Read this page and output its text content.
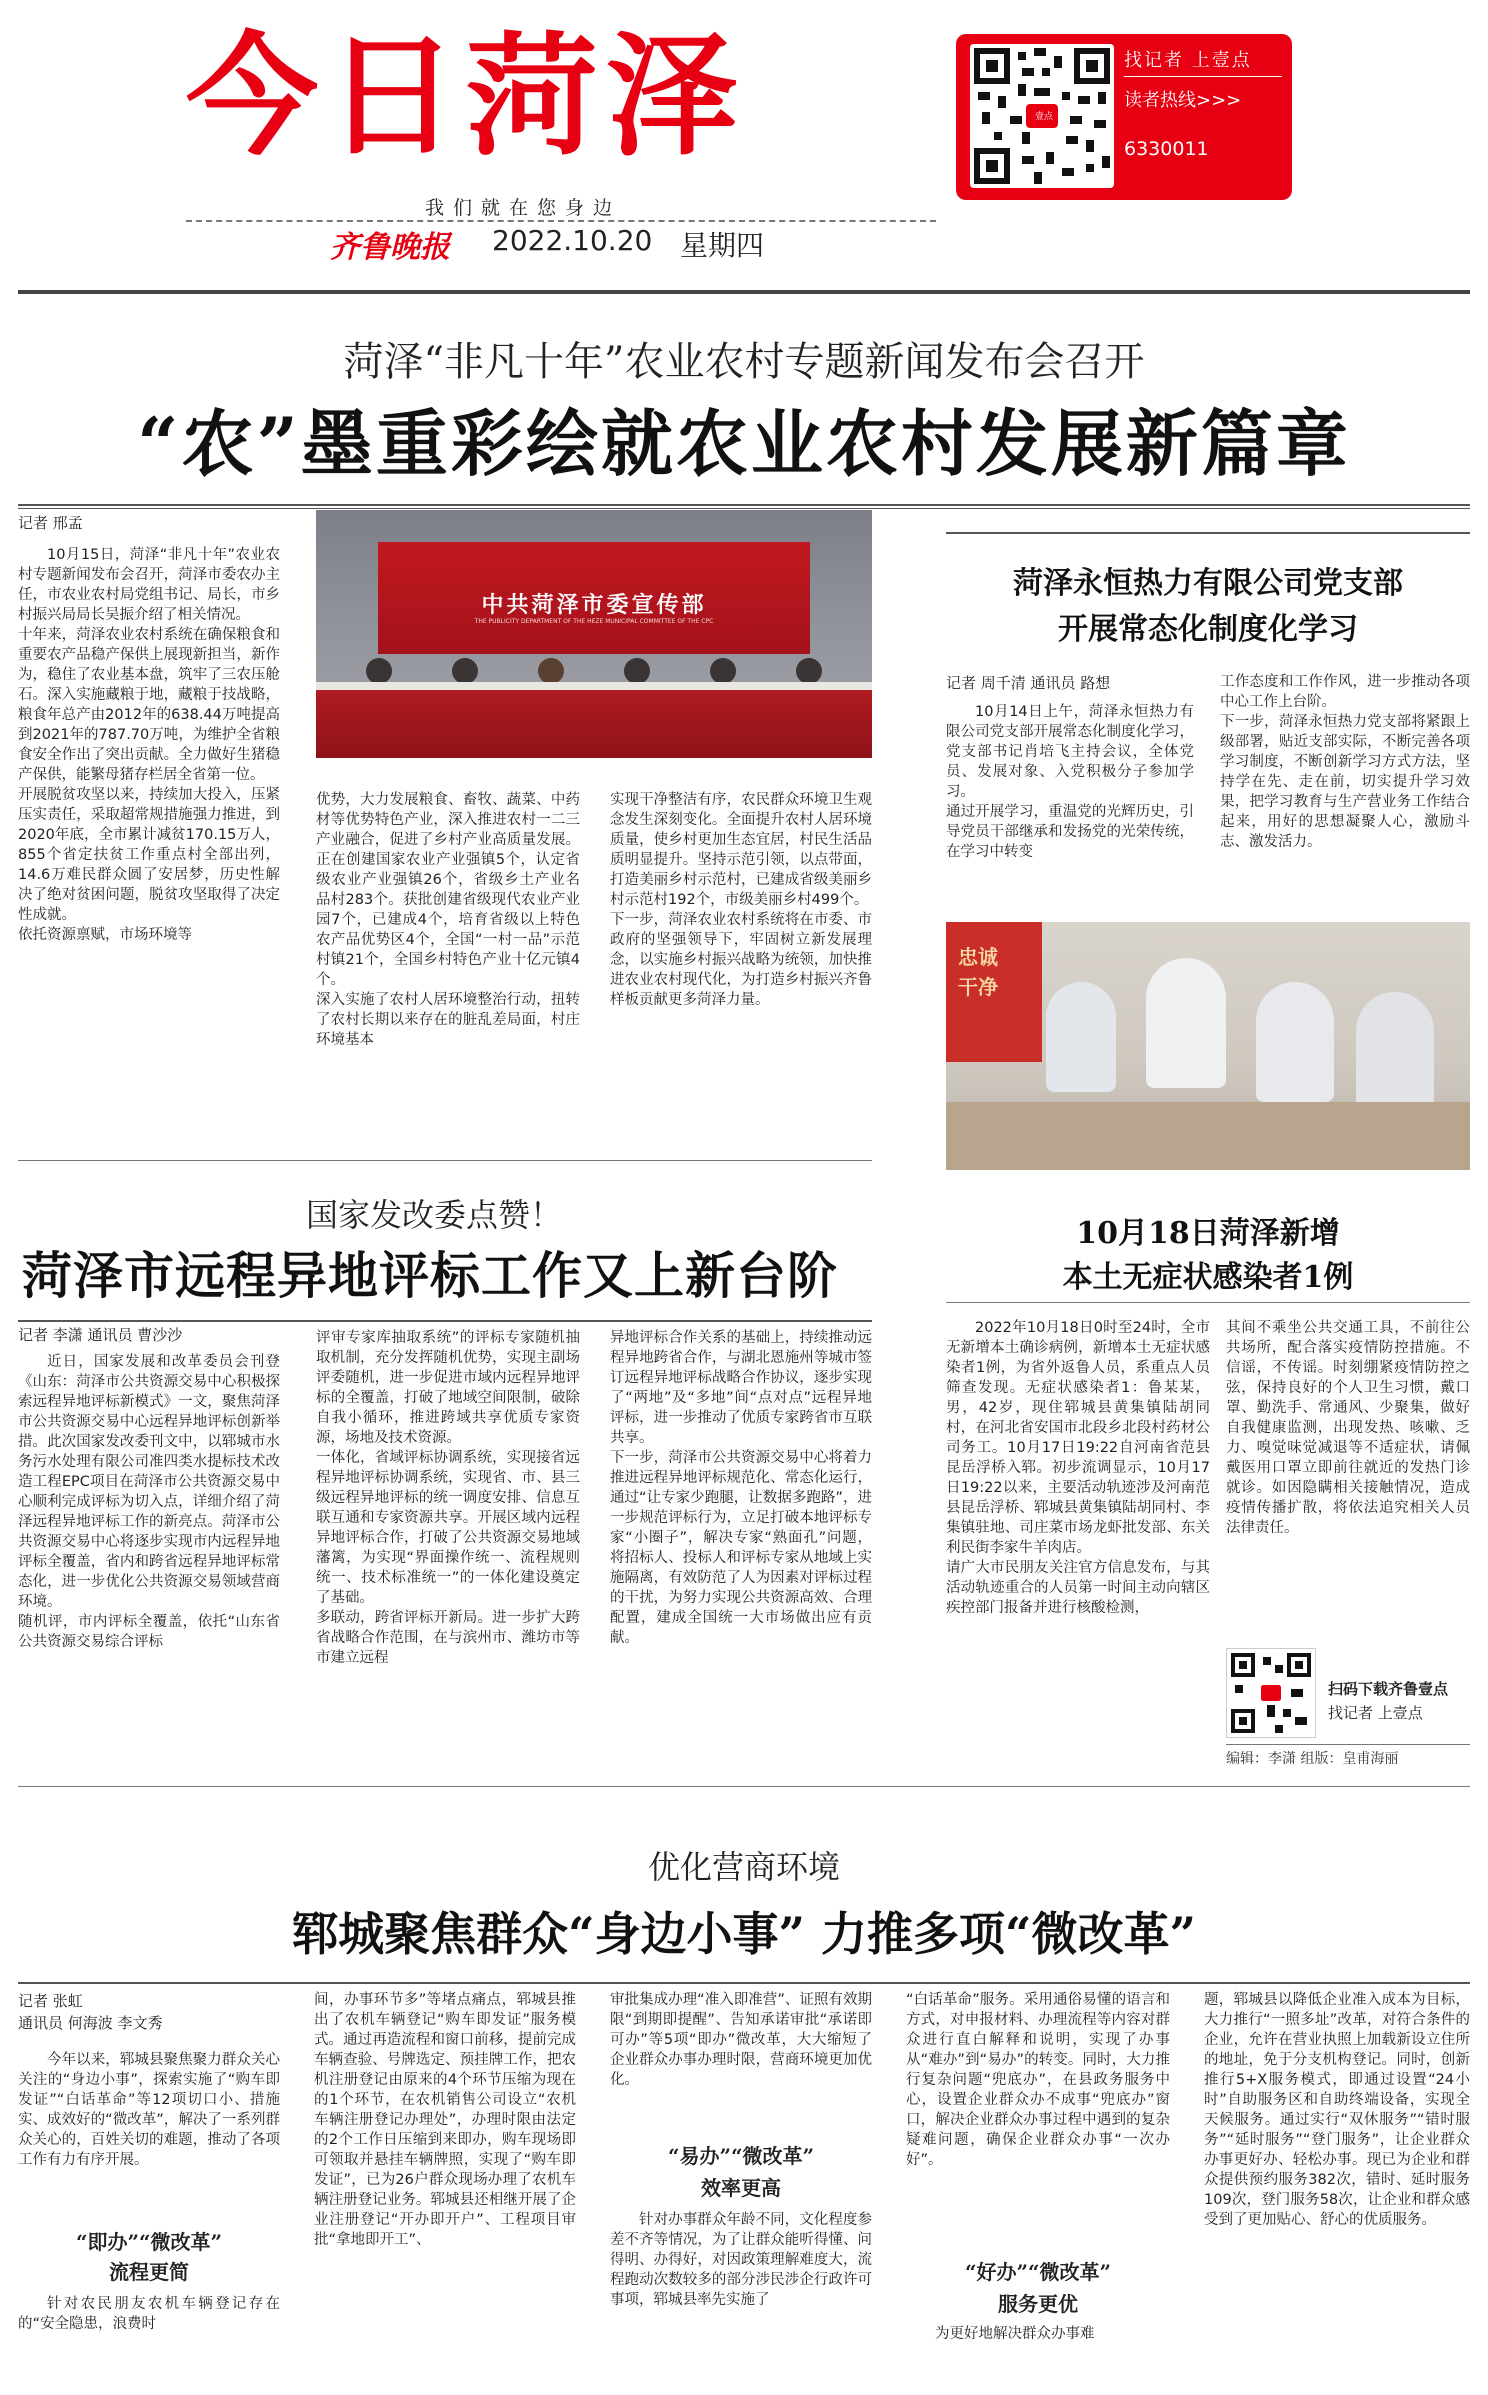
今日菏泽
我们就在您身边
齐鲁晚报 2022.10.20 星期四
壹点
找记者 上壹点
读者热线>>>
6330011
菏泽“非凡十年”农业农村专题新闻发布会召开
“农”墨重彩绘就农业农村发展新篇章
记者 邢孟
10月15日，菏泽“非凡十年”农业农村专题新闻发布会召开，菏泽市委农办主任，市农业农村局党组书记、局长，市乡村振兴局局长吴振介绍了相关情况。
十年来，菏泽农业农村系统在确保粮食和重要农产品稳产保供上展现新担当，新作为，稳住了农业基本盘，筑牢了三农压舱石。深入实施藏粮于地，藏粮于技战略，粮食年总产由2012年的638.44万吨提高到2021年的787.70万吨，为维护全省粮食安全作出了突出贡献。全力做好生猪稳产保供，能繁母猪存栏居全省第一位。
开展脱贫攻坚以来，持续加大投入，压紧压实责任，采取超常规措施强力推进，到2020年底，全市累计减贫170.15万人，855个省定扶贫工作重点村全部出列，14.6万难民群众圆了安居梦，历史性解决了绝对贫困问题，脱贫攻坚取得了决定性成就。
依托资源禀赋，市场环境等
中共菏泽市委宣传部
THE PUBLICITY DEPARTMENT OF THE HEZE MUNICIPAL COMMITTEE OF THE CPC
优势，大力发展粮食、畜牧、蔬菜、中药材等优势特色产业，深入推进农村一二三产业融合，促进了乡村产业高质量发展。正在创建国家农业产业强镇5个，认定省级农业产业强镇26个，省级乡土产业名品村283个。获批创建省级现代农业产业园7个，已建成4个，培育省级以上特色农产品优势区4个，全国“一村一品”示范村镇21个，全国乡村特色产业十亿元镇4个。
深入实施了农村人居环境整治行动，扭转了农村长期以来存在的脏乱差局面，村庄环境基本
实现干净整洁有序，农民群众环境卫生观念发生深刻变化。全面提升农村人居环境质量，使乡村更加生态宜居，村民生活品质明显提升。坚持示范引领，以点带面，打造美丽乡村示范村，已建成省级美丽乡村示范村192个，市级美丽乡村499个。
下一步，菏泽农业农村系统将在市委、市政府的坚强领导下，牢固树立新发展理念，以实施乡村振兴战略为统领，加快推进农业农村现代化，为打造乡村振兴齐鲁样板贡献更多菏泽力量。
菏泽永恒热力有限公司党支部
开展常态化制度化学习
记者 周千清 通讯员 路想
10月14日上午，菏泽永恒热力有限公司党支部开展常态化制度化学习，党支部书记肖培飞主持会议，全体党员、发展对象、入党积极分子参加学习。
通过开展学习，重温党的光辉历史，引导党员干部继承和发扬党的光荣传统，在学习中转变
工作态度和工作作风，进一步推动各项中心工作上台阶。
下一步，菏泽永恒热力党支部将紧跟上级部署，贴近支部实际，不断完善各项学习制度，不断创新学习方式方法，坚持学在先、走在前，切实提升学习效果，把学习教育与生产营业务工作结合起来，用好的思想凝聚人心，激励斗志、激发活力。
忠诚 干净
国家发改委点赞！
菏泽市远程异地评标工作又上新台阶
记者 李潇 通讯员 曹沙沙
近日，国家发展和改革委员会刊登《山东：菏泽市公共资源交易中心积极探索远程异地评标新模式》一文，聚焦菏泽市公共资源交易中心远程异地评标创新举措。此次国家发改委刊文中，以郓城市水务污水处理有限公司准四类水提标技术改造工程EPC项目在菏泽市公共资源交易中心顺利完成评标为切入点，详细介绍了菏泽远程异地评标工作的新亮点。菏泽市公共资源交易中心将逐步实现市内远程异地评标全覆盖，省内和跨省远程异地评标常态化，进一步优化公共资源交易领域营商环境。
随机评，市内评标全覆盖，依托“山东省公共资源交易综合评标
评审专家库抽取系统”的评标专家随机抽取机制，充分发挥随机优势，实现主副场评委随机，进一步促进市域内远程异地评标的全覆盖，打破了地域空间限制，破除自我小循环，推进跨域共享优质专家资源，场地及技术资源。
一体化，省域评标协调系统，实现接省远程异地评标协调系统，实现省、市、县三级远程异地评标的统一调度安排、信息互联互通和专家资源共享。开展区域内远程异地评标合作，打破了公共资源交易地域藩篱，为实现“界面操作统一、流程规则统一、技术标准统一”的一体化建设奠定了基础。
多联动，跨省评标开新局。进一步扩大跨省战略合作范围，在与滨州市、潍坊市等市建立远程
异地评标合作关系的基础上，持续推动远程异地跨省合作，与湖北恩施州等城市签订远程异地评标战略合作协议，逐步实现了“两地”及“多地”间“点对点”远程异地评标，进一步推动了优质专家跨省市互联共享。
下一步，菏泽市公共资源交易中心将着力推进远程异地评标规范化、常态化运行，通过“让专家少跑腿，让数据多跑路”，进一步规范评标行为，立足打破本地评标专家“小圈子”，解决专家“熟面孔”问题，将招标人、投标人和评标专家从地域上实施隔离，有效防范了人为因素对评标过程的干扰，为努力实现公共资源高效、合理配置，建成全国统一大市场做出应有贡献。
10月18日菏泽新增
本土无症状感染者1例
2022年10月18日0时至24时，全市无新增本土确诊病例，新增本土无症状感染者1例，为省外返鲁人员，系重点人员筛查发现。无症状感染者1：鲁某某，男，42岁，现住郓城县黄集镇陆胡同村，在河北省安国市北段乡北段村药材公司务工。10月17日19:22自河南省范县昆岳浮桥入郓。初步流调显示，10月17日19:22以来，主要活动轨迹涉及河南范县昆岳浮桥、郓城县黄集镇陆胡同村、李集镇驻地、司庄菜市场龙虾批发部、东关利民街李家牛羊肉店。
请广大市民朋友关注官方信息发布，与其活动轨迹重合的人员第一时间主动向辖区疾控部门报备并进行核酸检测，
其间不乘坐公共交通工具，不前往公共场所，配合落实疫情防控措施。不信谣，不传谣。时刻绷紧疫情防控之弦，保持良好的个人卫生习惯，戴口罩、勤洗手、常通风、少聚集，做好自我健康监测，出现发热、咳嗽、乏力、嗅觉味觉减退等不适症状，请佩戴医用口罩立即前往就近的发热门诊就诊。如因隐瞒相关接触情况，造成疫情传播扩散，将依法追究相关人员法律责任。
扫码下载齐鲁壹点
找记者 上壹点
编辑：李潇 组版：皇甫海丽
优化营商环境
郓城聚焦群众“身边小事” 力推多项“微改革”
记者 张虹
通讯员 何海波 李文秀
今年以来，郓城县聚焦聚力群众关心关注的“身边小事”，探索实施了“购车即发证”“白话革命”等12项切口小、措施实、成效好的“微改革”，解决了一系列群众关心的，百姓关切的难题，推动了各项工作有力有序开展。
“即办”“微改革”
流程更简
针对农民朋友农机车辆登记存在的“安全隐患，浪费时
间，办事环节多”等堵点痛点，郓城县推出了农机车辆登记“购车即发证”服务模式。通过再造流程和窗口前移，提前完成车辆查验、号牌选定、预挂牌工作，把农机注册登记由原来的4个环节压缩为现在的1个环节，在农机销售公司设立“农机车辆注册登记办理处”，办理时限由法定的2个工作日压缩到来即办，购车现场即可领取并悬挂车辆牌照，实现了“购车即发证”，已为26户群众现场办理了农机车辆注册登记业务。郓城县还相继开展了企业注册登记“开办即开户”、工程项目审批“拿地即开工”、
审批集成办理“准入即准营”、证照有效期限“到期即提醒”、告知承诺审批“承诺即可办”等5项“即办”微改革，大大缩短了企业群众办事办理时限，营商环境更加优化。
“易办”“微改革”
效率更高
针对办事群众年龄不同，文化程度参差不齐等情况，为了让群众能听得懂、问得明、办得好，对因政策理解难度大，流程跑动次数较多的部分涉民涉企行政许可事项，郓城县率先实施了
“白话革命”服务。采用通俗易懂的语言和方式，对申报材料、办理流程等内容对群众进行直白解释和说明，实现了办事从“难办”到“易办”的转变。同时，大力推行复杂问题“兜底办”，在县政务服务中心，设置企业群众办不成事“兜底办”窗口，解决企业群众办事过程中遇到的复杂疑难问题，确保企业群众办事“一次办好”。
“好办”“微改革”
服务更优
为更好地解决群众办事难
题，郓城县以降低企业准入成本为目标，大力推行“一照多址”改革，对符合条件的企业，允许在营业执照上加载新设立住所的地址，免于分支机构登记。同时，创新推行5+X服务模式，即通过设置“24小时”自助服务区和自助终端设备，实现全天候服务。通过实行“双休服务”“错时服务”“延时服务”“登门服务”，让企业群众办事更好办、轻松办事。现已为企业和群众提供预约服务382次，错时、延时服务109次，登门服务58次，让企业和群众感受到了更加贴心、舒心的优质服务。
